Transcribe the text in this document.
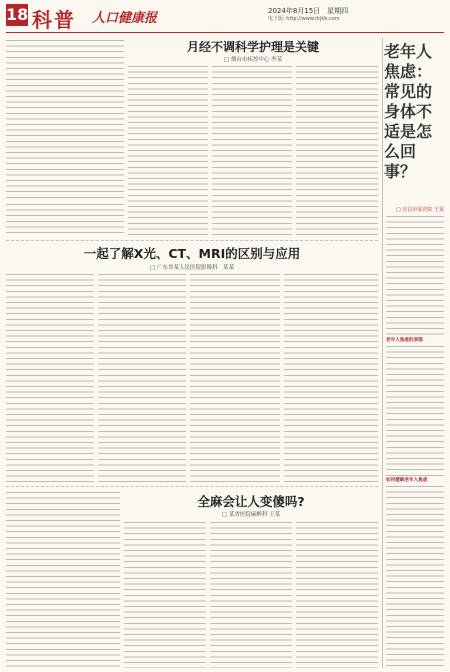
18 科普 人口健康报	2024年8月15日　星期四
电子版: http://www.rkjkb.com
月经不调科学护理是关键
□ 烟台市疾控中心 李某
一起了解X光、CT、MRI的区别与应用
□ 广东省某人民医院影像科　某某
全麻会让人变傻吗?
□ 某省医院麻醉科 王某
老年人焦虑：常见的身体不适是怎么回事？
□ 宜昌市某医院 王某
老年人焦虑的表现
如何缓解老年人焦虑
